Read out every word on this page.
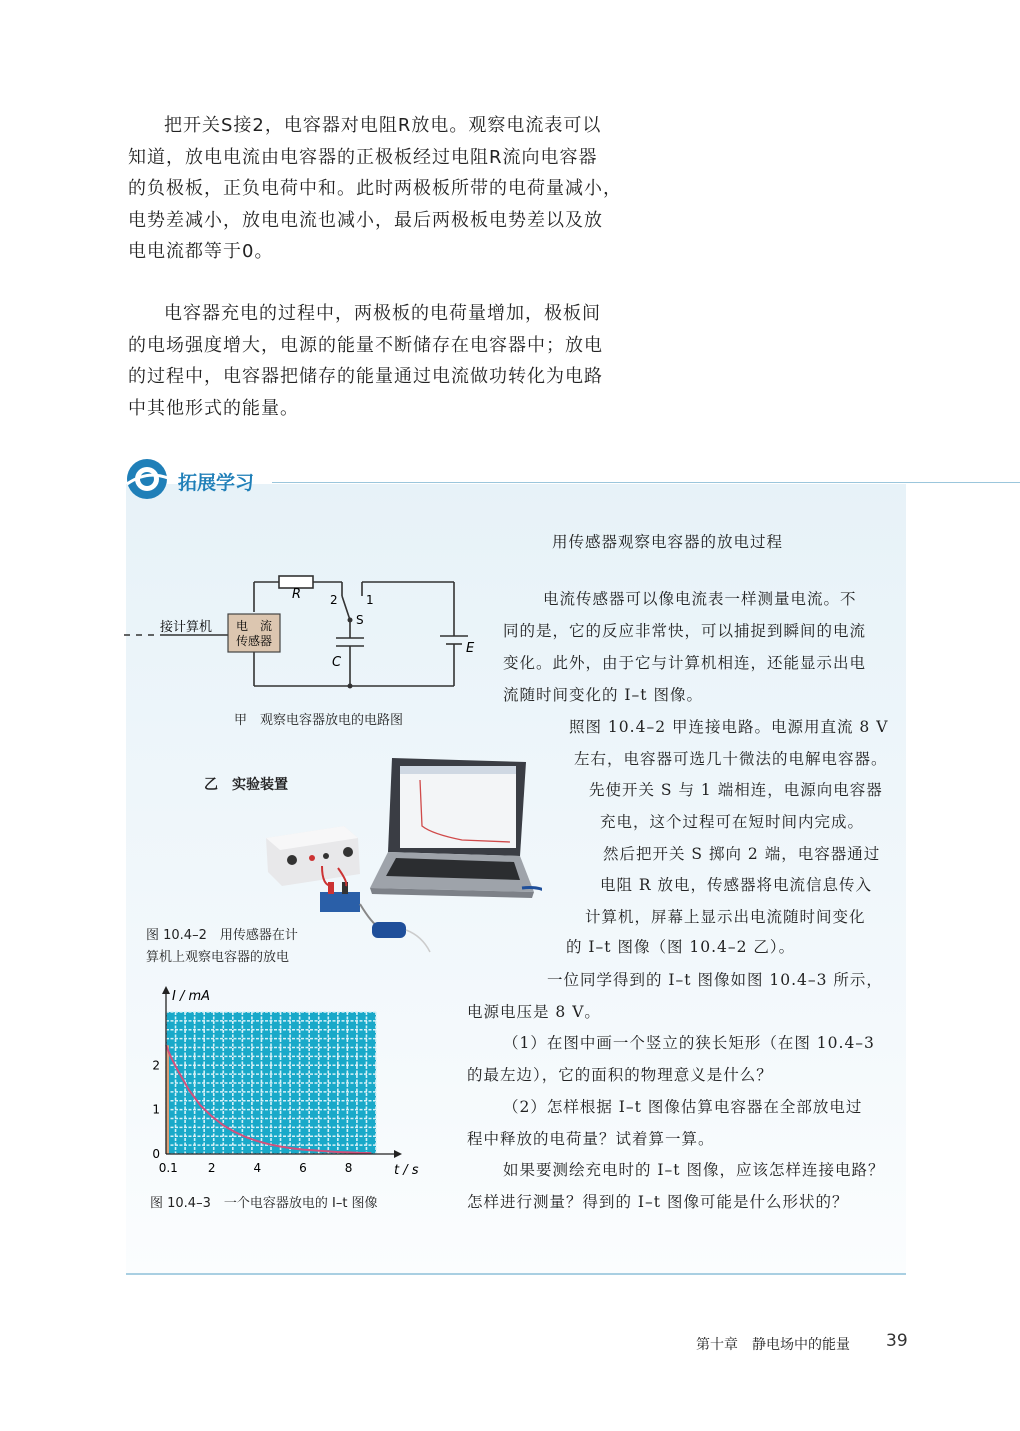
把开关S接2，电容器对电阻R放电。观察电流表可以

知道，放电电流由电容器的正极板经过电阻R流向电容器

的负极板，正负电荷中和。此时两极板所带的电荷量减小，

电势差减小，放电电流也减小，最后两极板电势差以及放

电电流都等于0。

电容器充电的过程中，两极板的电荷量增加，极板间

的电场强度增大，电源的能量不断储存在电容器中；放电

的过程中，电容器把储存的能量通过电流做功转化为电路

中其他形式的能量。

拓展学习
用传感器观察电容器的放电过程
电　流
传感器
接计算机
R 2 1
S
C
E
甲　观察电容器放电的电路图
乙　实验装置
图 10.4–2　用传感器在计
算机上观察电容器的放电
电流传感器可以像电流表一样测量电流。不
同的是，它的反应非常快，可以捕捉到瞬间的电流
变化。此外，由于它与计算机相连，还能显示出电
流随时间变化的 I–t 图像。
照图 10.4–2 甲连接电路。电源用直流 8 V
左右，电容器可选几十微法的电解电容器。
先使开关 S 与 1 端相连，电源向电容器
充电，这个过程可在短时间内完成。
然后把开关 S 掷向 2 端，电容器通过
电阻 R 放电，传感器将电流信息传入
计算机，屏幕上显示出电流随时间变化
的 I–t 图像（图 10.4–2 乙）。
一位同学得到的 I–t 图像如图 10.4–3 所示，
电源电压是 8 V。
（1）在图中画一个竖立的狭长矩形（在图 10.4–3
的最左边），它的面积的物理意义是什么？
（2）怎样根据 I–t 图像估算电容器在全部放电过
程中释放的电荷量？试着算一算。
如果要测绘充电时的 I–t 图像，应该怎样连接电路？
怎样进行测量？得到的 I–t 图像可能是什么形状的？
I / mA
t / s
0.1	2	4	6	8
0
1
2
图 10.4–3　一个电容器放电的 I–t 图像
第十章　静电场中的能量 39
